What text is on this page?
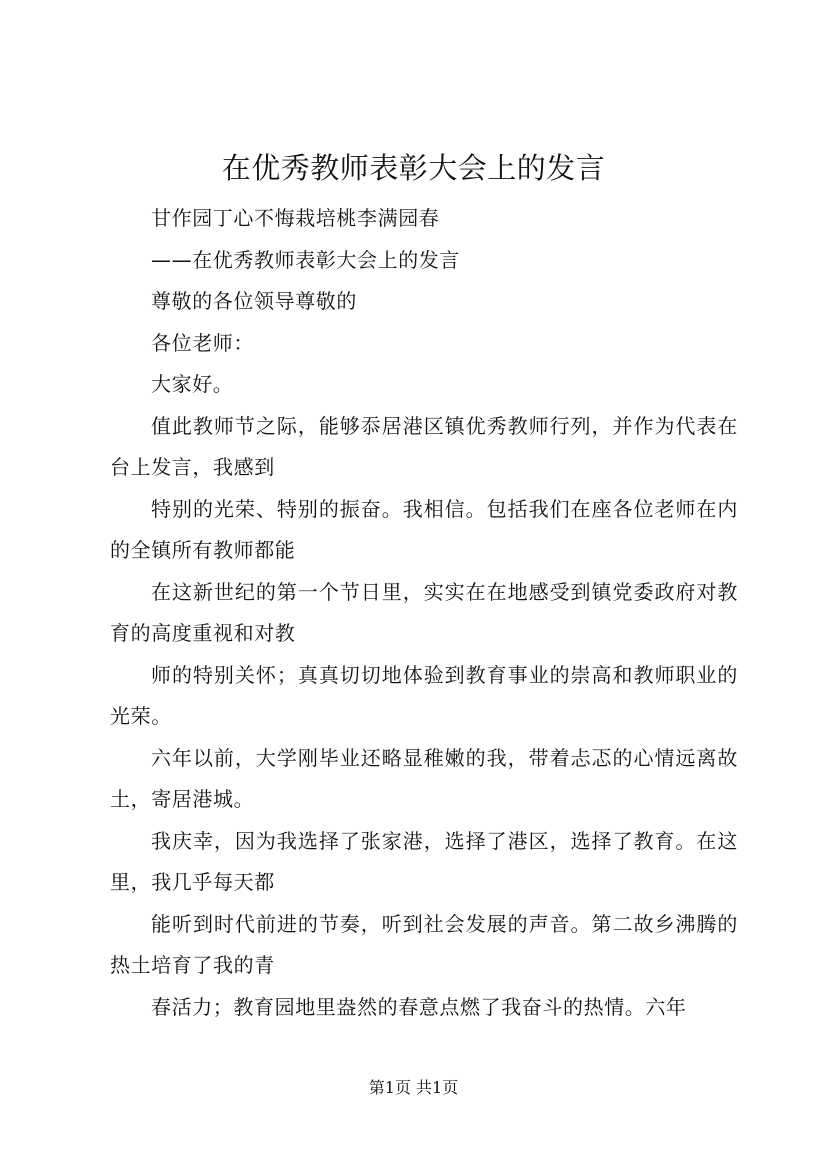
在优秀教师表彰大会上的发言

甘作园丁心不悔栽培桃李满园春

——在优秀教师表彰大会上的发言

尊敬的各位领导尊敬的

各位老师：

大家好。

值此教师节之际，能够忝居港区镇优秀教师行列，并作为代表在台上发言，我感到

特别的光荣、特别的振奋。我相信。包括我们在座各位老师在内的全镇所有教师都能

在这新世纪的第一个节日里，实实在在地感受到镇党委政府对教育的高度重视和对教

师的特别关怀；真真切切地体验到教育事业的崇高和教师职业的光荣。

六年以前，大学刚毕业还略显稚嫩的我，带着忐忑的心情远离故土，寄居港城。

我庆幸，因为我选择了张家港，选择了港区，选择了教育。在这里，我几乎每天都

能听到时代前进的节奏，听到社会发展的声音。第二故乡沸腾的热土培育了我的青

春活力；教育园地里盎然的春意点燃了我奋斗的热情。六年

第1页 共1页
